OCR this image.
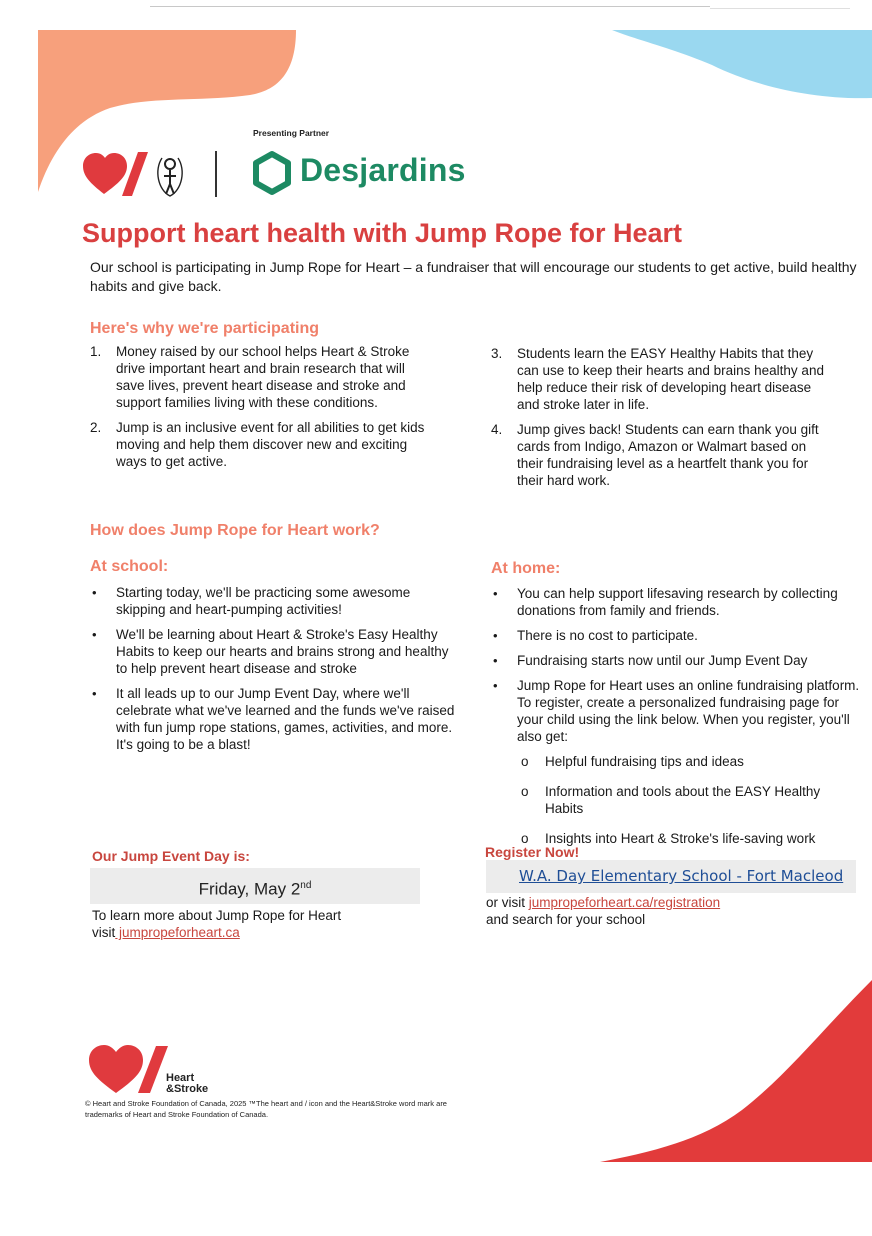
Presenting Partner
Desjardins
Support heart health with Jump Rope for Heart
Our school is participating in Jump Rope for Heart – a fundraiser that will encourage our students to get active, build healthy habits and give back.
Here's why we're participating
1. Money raised by our school helps Heart & Stroke drive important heart and brain research that will save lives, prevent heart disease and stroke and support families living with these conditions.
2. Jump is an inclusive event for all abilities to get kids moving and help them discover new and exciting ways to get active.
3. Students learn the EASY Healthy Habits that they can use to keep their hearts and brains healthy and help reduce their risk of developing heart disease and stroke later in life.
4. Jump gives back! Students can earn thank you gift cards from Indigo, Amazon or Walmart based on their fundraising level as a heartfelt thank you for their hard work.
How does Jump Rope for Heart work?
At school:	At home:
• Starting today, we'll be practicing some awesome skipping and heart-pumping activities!
• We'll be learning about Heart & Stroke's Easy Healthy Habits to keep our hearts and brains strong and healthy to help prevent heart disease and stroke
• It all leads up to our Jump Event Day, where we'll celebrate what we've learned and the funds we've raised with fun jump rope stations, games, activities, and more. It's going to be a blast!
• You can help support lifesaving research by collecting donations from family and friends.
• There is no cost to participate.
• Fundraising starts now until our Jump Event Day
• Jump Rope for Heart uses an online fundraising platform. To register, create a personalized fundraising page for your child using the link below. When you register, you'll also get:
o Helpful fundraising tips and ideas
o Information and tools about the EASY Healthy Habits
o Insights into Heart & Stroke's life-saving work
Our Jump Event Day is:
Friday, May 2nd
To learn more about Jump Rope for Heart
visit jumpropeforheart.ca
Register Now!
W.A. Day Elementary School - Fort Macleod
or visit jumpropeforheart.ca/registration
and search for your school
Heart
&Stroke
© Heart and Stroke Foundation of Canada, 2025 ™The heart and / icon and the Heart&Stroke word mark are trademarks of Heart and Stroke Foundation of Canada.
